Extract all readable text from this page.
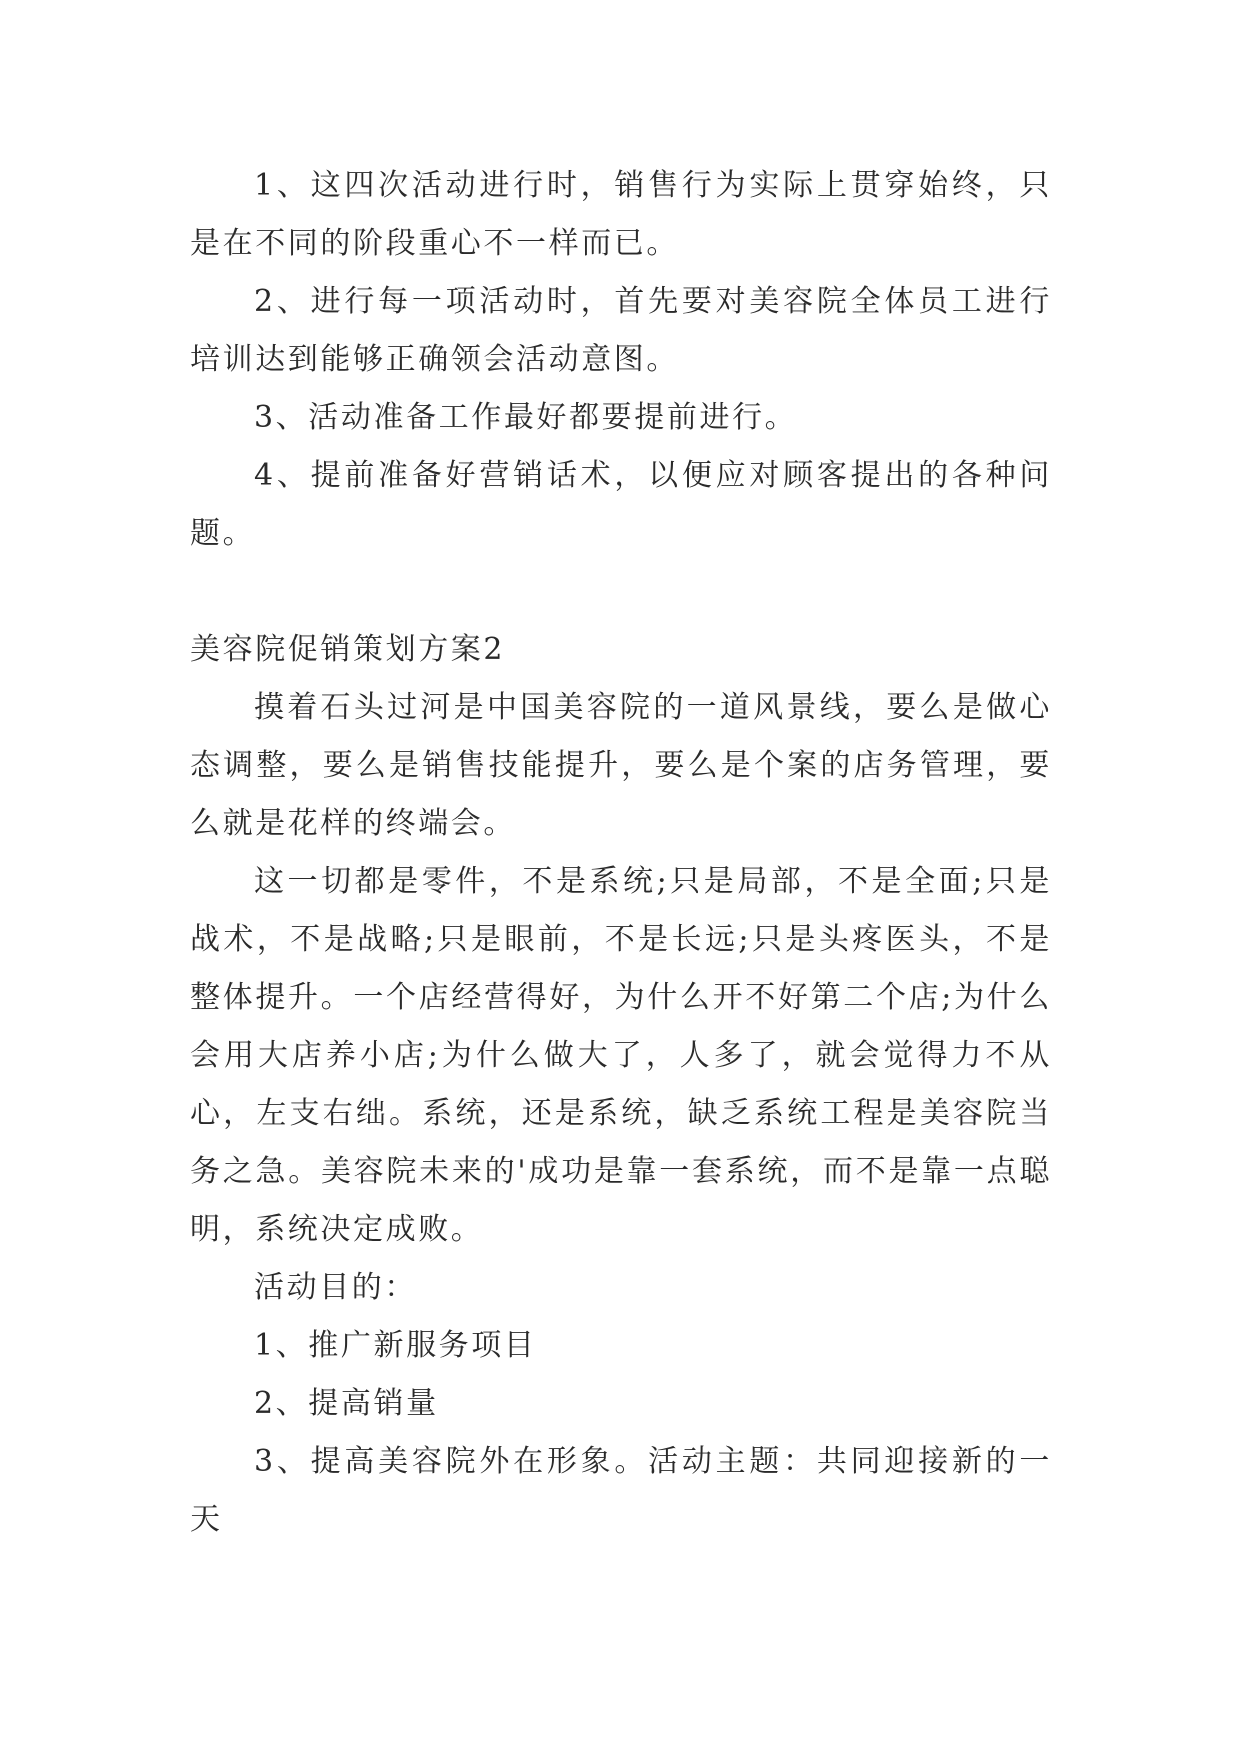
1、这四次活动进行时，销售行为实际上贯穿始终，只是在不同的阶段重心不一样而已。

2、进行每一项活动时，首先要对美容院全体员工进行培训达到能够正确领会活动意图。

3、活动准备工作最好都要提前进行。

4、提前准备好营销话术，以便应对顾客提出的各种问题。

美容院促销策划方案2

摸着石头过河是中国美容院的一道风景线，要么是做心态调整，要么是销售技能提升，要么是个案的店务管理，要么就是花样的终端会。

这一切都是零件，不是系统;只是局部，不是全面;只是战术，不是战略;只是眼前，不是长远;只是头疼医头，不是整体提升。一个店经营得好，为什么开不好第二个店;为什么会用大店养小店;为什么做大了，人多了，就会觉得力不从心，左支右绌。系统，还是系统，缺乏系统工程是美容院当务之急。美容院未来的'成功是靠一套系统，而不是靠一点聪明，系统决定成败。

活动目的：

1、推广新服务项目

2、提高销量

3、提高美容院外在形象。活动主题：共同迎接新的一天
